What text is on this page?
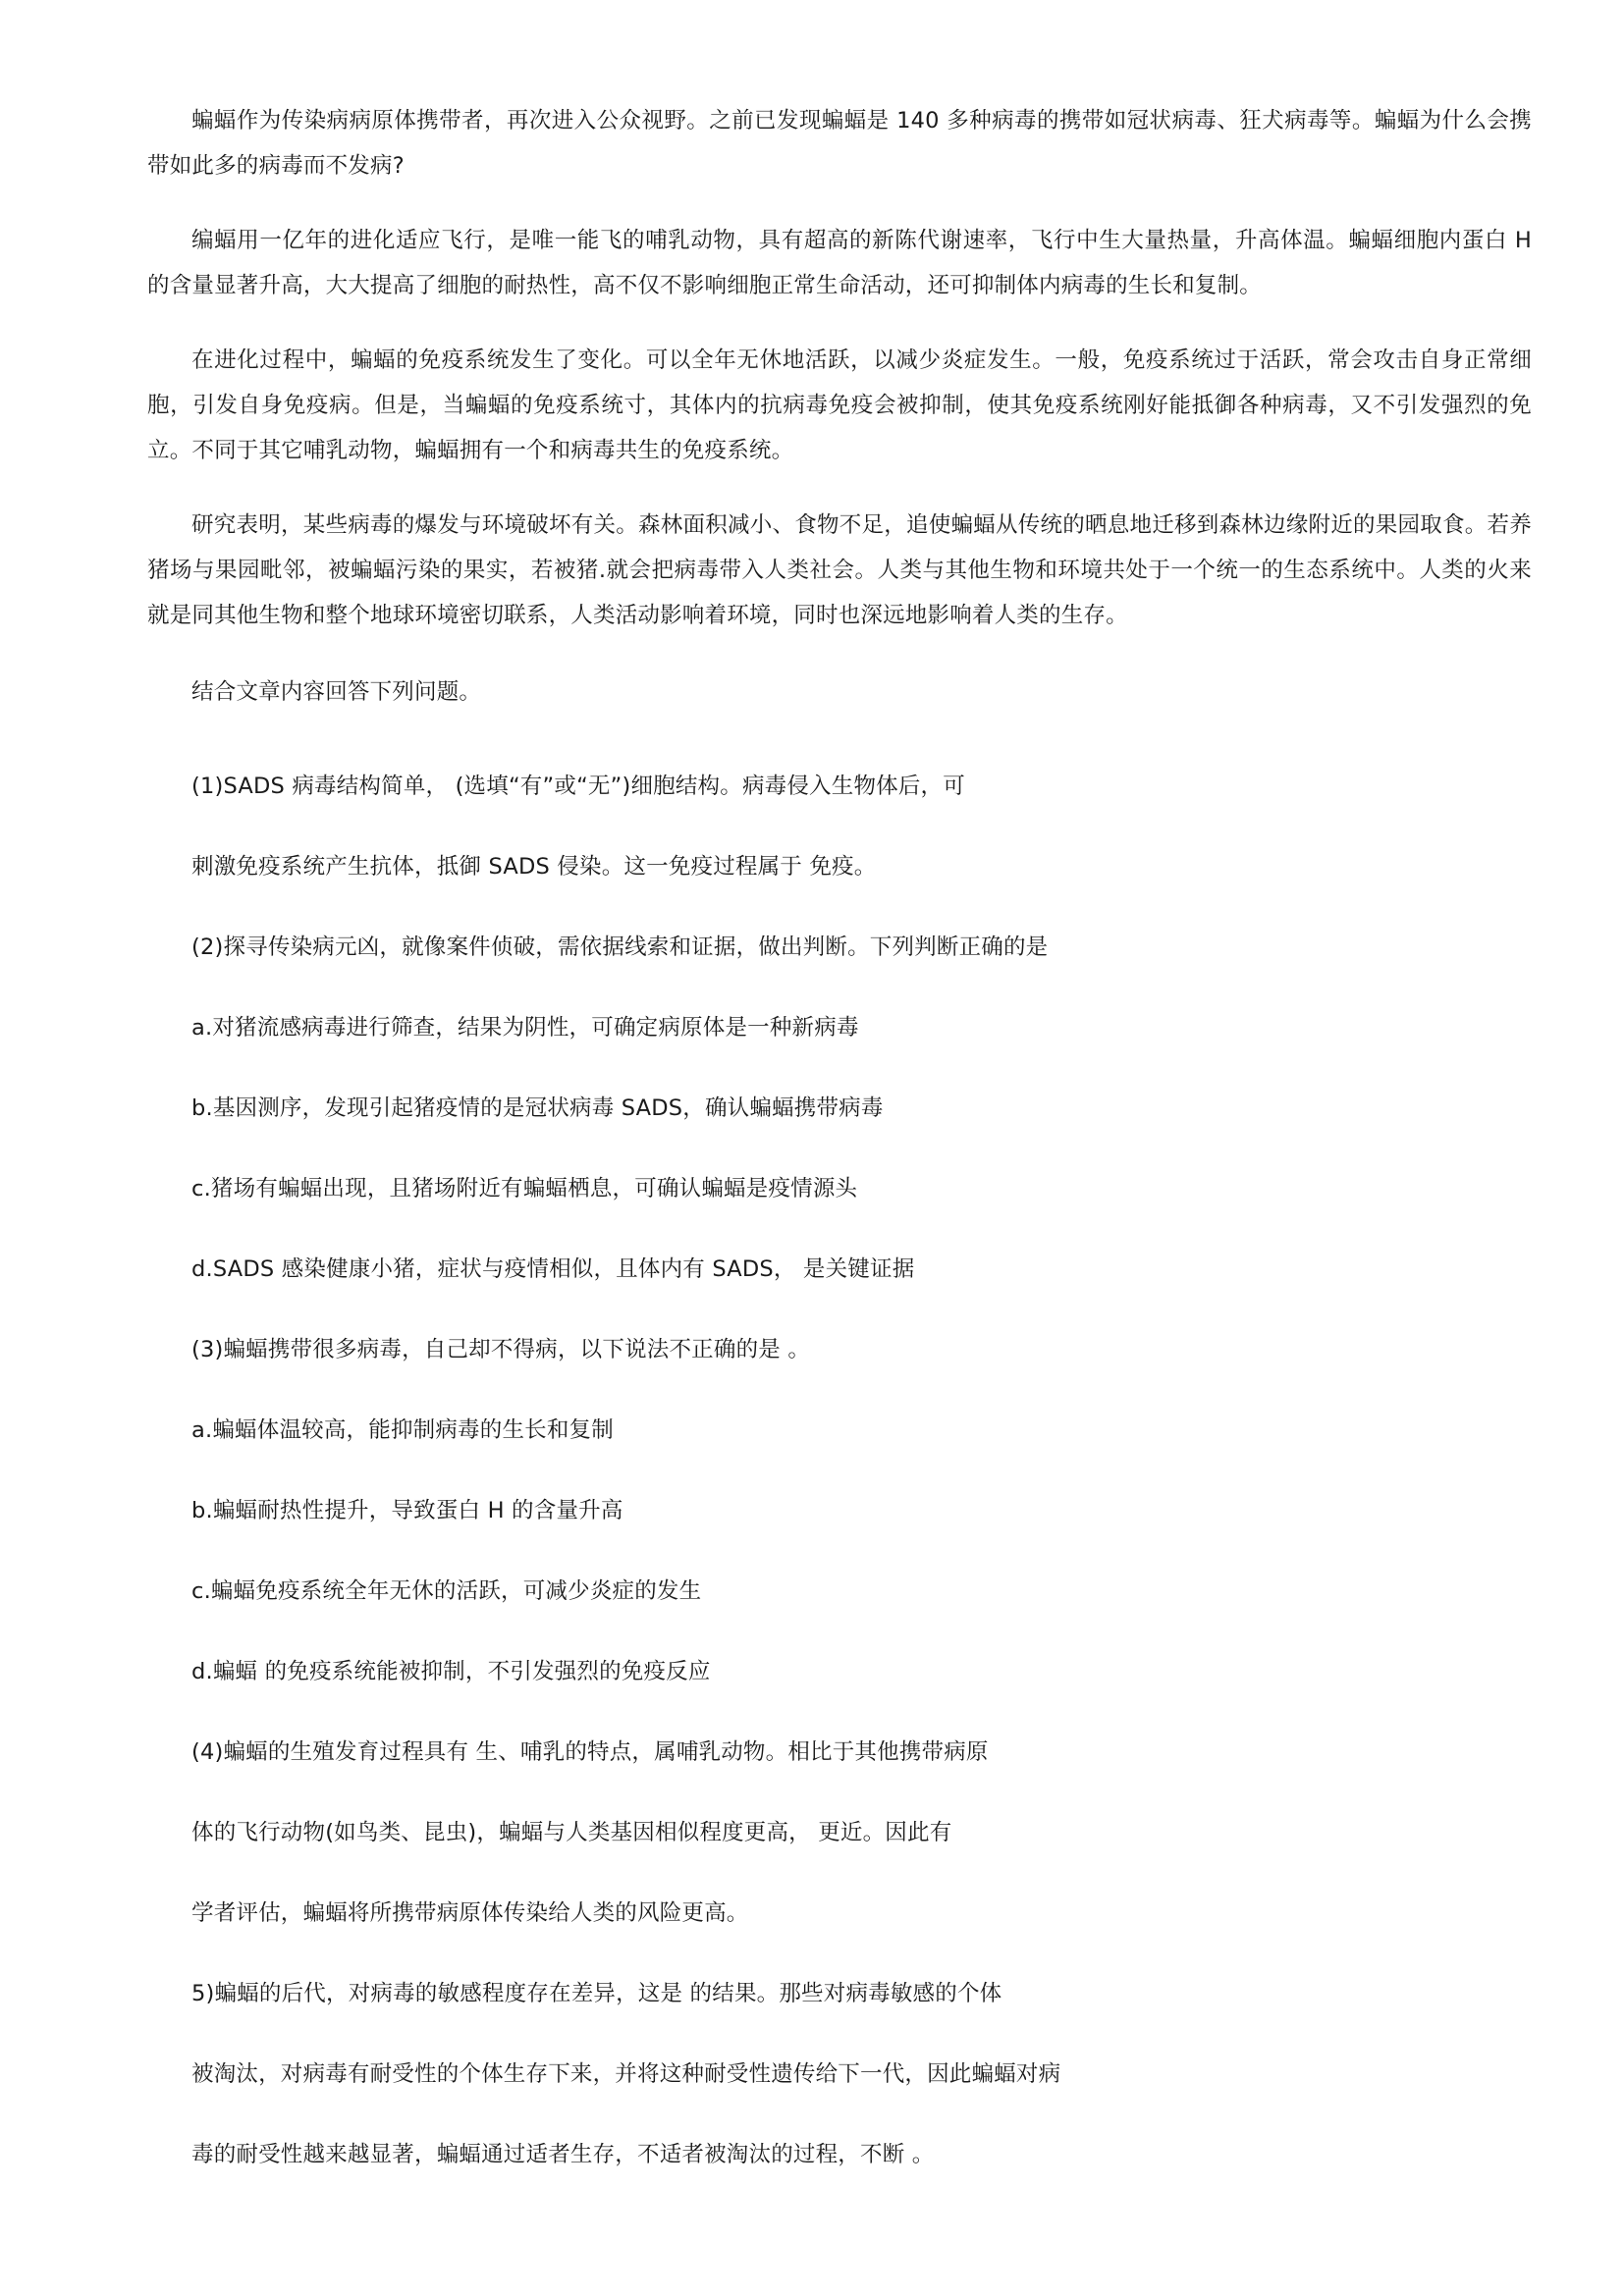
蝙蝠作为传染病病原体携带者，再次进入公众视野。之前已发现蝙蝠是 140 多种病毒的携带如冠状病毒、狂犬病毒等。蝙蝠为什么会携带如此多的病毒而不发病?

编蝠用一亿年的进化适应飞行，是唯一能飞的哺乳动物，具有超高的新陈代谢速率，飞行中生大量热量，升高体温。蝙蝠细胞内蛋白 H 的含量显著升高，大大提高了细胞的耐热性，高不仅不影响细胞正常生命活动，还可抑制体内病毒的生长和复制。

在进化过程中，蝙蝠的免疫系统发生了变化。可以全年无休地活跃，以减少炎症发生。一般，免疫系统过于活跃，常会攻击自身正常细胞，引发自身免疫病。但是，当蝙蝠的免疫系统寸，其体内的抗病毒免疫会被抑制，使其免疫系统刚好能抵御各种病毒，又不引发强烈的免立。不同于其它哺乳动物，蝙蝠拥有一个和病毒共生的免疫系统。

研究表明，某些病毒的爆发与环境破坏有关。森林面积减小、食物不足，追使蝙蝠从传统的晒息地迁移到森林边缘附近的果园取食。若养猪场与果园毗邻，被蝙蝠污染的果实，若被猪.就会把病毒带入人类社会。人类与其他生物和环境共处于一个统一的生态系统中。人类的火来就是同其他生物和整个地球环境密切联系，人类活动影响着环境，同时也深远地影响着人类的生存。

结合文章内容回答下列问题。

(1)SADS 病毒结构简单， (选填“有”或“无”)细胞结构。病毒侵入生物体后，可

刺激免疫系统产生抗体，抵御 SADS 侵染。这一免疫过程属于 免疫。

(2)探寻传染病元凶，就像案件侦破，需依据线索和证据，做出判断。下列判断正确的是

a.对猪流感病毒进行筛查，结果为阴性，可确定病原体是一种新病毒

b.基因测序，发现引起猪疫情的是冠状病毒 SADS，确认蝙蝠携带病毒

c.猪场有蝙蝠出现，且猪场附近有蝙蝠栖息，可确认蝙蝠是疫情源头

d.SADS 感染健康小猪，症状与疫情相似，且体内有 SADS， 是关键证据

(3)蝙蝠携带很多病毒，自己却不得病，以下说法不正确的是 。

a.蝙蝠体温较高，能抑制病毒的生长和复制

b.蝙蝠耐热性提升，导致蛋白 H 的含量升高

c.蝙蝠免疫系统全年无休的活跃，可减少炎症的发生

d.蝙蝠 的免疫系统能被抑制，不引发强烈的免疫反应

(4)蝙蝠的生殖发育过程具有 生、哺乳的特点，属哺乳动物。相比于其他携带病原

体的飞行动物(如鸟类、昆虫)，蝙蝠与人类基因相似程度更高， 更近。因此有

学者评估，蝙蝠将所携带病原体传染给人类的风险更高。

5)蝙蝠的后代，对病毒的敏感程度存在差异，这是 的结果。那些对病毒敏感的个体

被淘汰，对病毒有耐受性的个体生存下来，并将这种耐受性遗传给下一代，因此蝙蝠对病

毒的耐受性越来越显著，蝙蝠通过适者生存，不适者被淘汰的过程，不断 。
